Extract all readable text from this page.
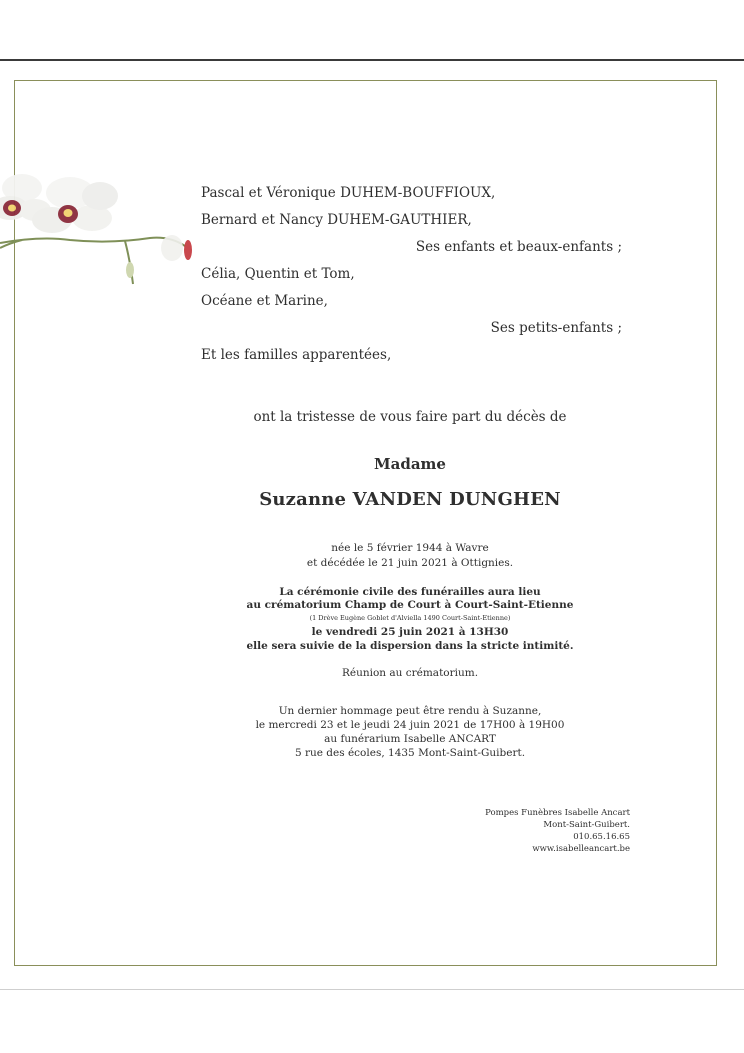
Pascal et Véronique DUHEM-BOUFFIOUX,
Bernard et Nancy DUHEM-GAUTHIER,
Ses enfants et beaux-enfants ;
Célia, Quentin et Tom,
Océane et Marine,
Ses petits-enfants ;
Et les familles apparentées,
ont la tristesse de vous faire part du décès de
Madame
Suzanne VANDEN DUNGHEN
née le 5 février 1944 à Wavre
et décédée le 21 juin 2021 à Ottignies.
La cérémonie civile des funérailles aura lieu
au crématorium Champ de Court à Court-Saint-Etienne
(1 Drève Eugène Goblet d'Alviella 1490 Court-Saint-Etienne)
le vendredi 25 juin 2021 à 13H30
elle sera suivie de la dispersion dans la stricte intimité.
Réunion au crématorium.
Un dernier hommage peut être rendu à Suzanne,
le mercredi 23 et le jeudi 24 juin 2021 de 17H00 à 19H00
au funérarium Isabelle ANCART
5 rue des écoles, 1435 Mont-Saint-Guibert.
Pompes Funèbres Isabelle Ancart
Mont-Saint-Guibert.
010.65.16.65
www.isabelleancart.be
